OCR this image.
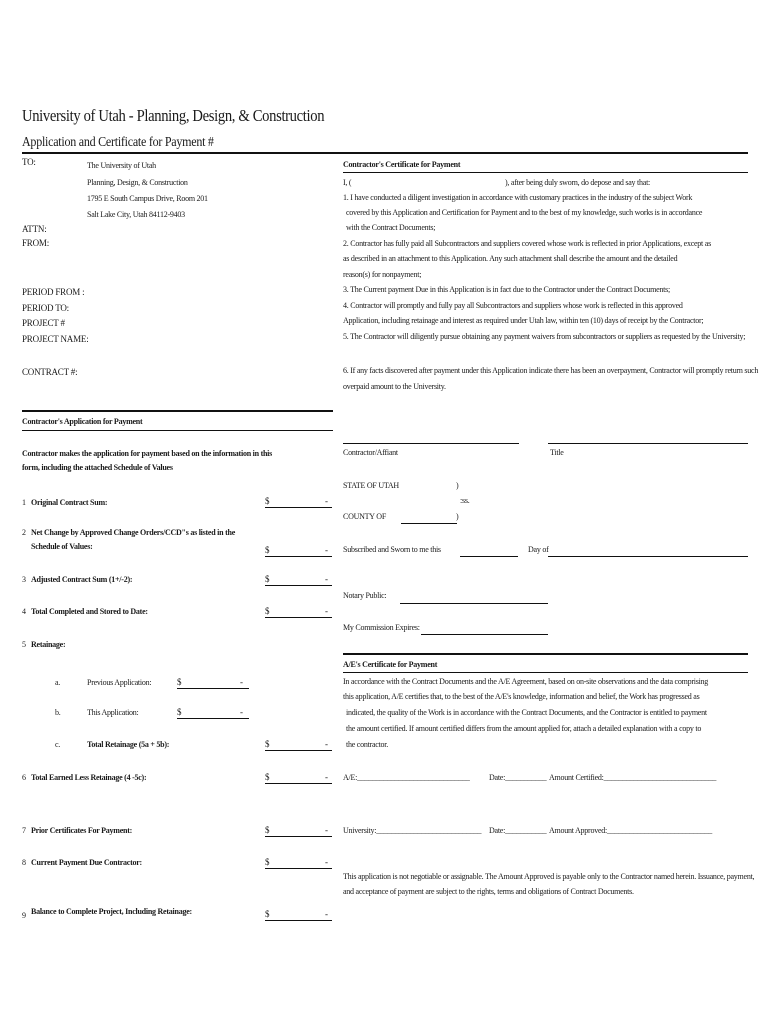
University of Utah - Planning, Design, & Construction
Application and Certificate for Payment #
TO:	The University of Utah
Planning, Design, & Construction
1795 E South Campus Drive, Room 201
Salt Lake City, Utah 84112-9403
ATTN:
FROM:
PERIOD FROM :
PERIOD TO:
PROJECT #
PROJECT NAME:
CONTRACT #:
Contractor's Application for Payment
Contractor makes the application for payment based on the information in this
form, including the attached Schedule of Values
1 Original Contract Sum:	$	-
2 Net Change by Approved Change Orders/CCD"s as listed in the
Schedule of Values:	$	-
3 Adjusted Contract Sum (1+/-2):	$	-
4 Total Completed and Stored to Date:	$	-
5 Retainage:
a.	Previous Application:	$	-
b.	This Application:	$	-
c.	Total Retainage (5a + 5b):	$	-
6 Total Earned Less Retainage (4 -5c):	$	-
7 Prior Certificates For Payment:	$	-
8 Current Payment Due Contractor:	$	-
9 Balance to Complete Project, Including Retainage:	$	-
Contractor's Certificate for Payment
I, (	), after being duly sworn, do depose and say that:
1. I have conducted a diligent investigation in accordance with customary practices in the industry of the subject Work
covered by this Application and Certification for Payment and to the best of my knowledge, such works is in accordance
with the Contract Documents;
2. Contractor has fully paid all Subcontractors and suppliers covered whose work is reflected in prior Applications, except as
as described in an attachment to this Application. Any such attachment shall describe the amount and the detailed
reason(s) for nonpayment;
3. The Current payment Due in this Application is in fact due to the Contractor under the Contract Documents;
4. Contractor will promptly and fully pay all Subcontractors and suppliers whose work is reflected in this approved
Application, including retainage and interest as required under Utah law, within ten (10) days of receipt by the Contractor;
5. The Contractor will diligently pursue obtaining any payment waivers from subcontractors or suppliers as requested by the University;
6. If any facts discovered after payment under this Application indicate there has been an overpayment, Contractor will promptly return such
overpaid amount to the University.
Contractor/Affiant	Title
STATE OF UTAH	)
:ss.
COUNTY OF	)
Subscribed and Sworn to me this	Day of
Notary Public:
My Commission Expires:
A/E's Certificate for Payment
In accordance with the Contract Documents and the A/E Agreement, based on on-site observations and the data comprising
this application, A/E certifies that, to the best of the A/E's knowledge, information and belief, the Work has progressed as
indicated, the quality of the Work is in accordance with the Contract Documents, and the Contractor is entitled to payment
the amount certified. If amount certified differs from the amount applied for, attach a detailed explanation with a copy to
the contractor.
A/E:______________________________ Date:___________ Amount Certified:______________________________
University:____________________________ Date:___________ Amount Approved:____________________________
This application is not negotiable or assignable. The Amount Approved is payable only to the Contractor named herein. Issuance, payment,
and acceptance of payment are subject to the rights, terms and obligations of Contract Documents.
